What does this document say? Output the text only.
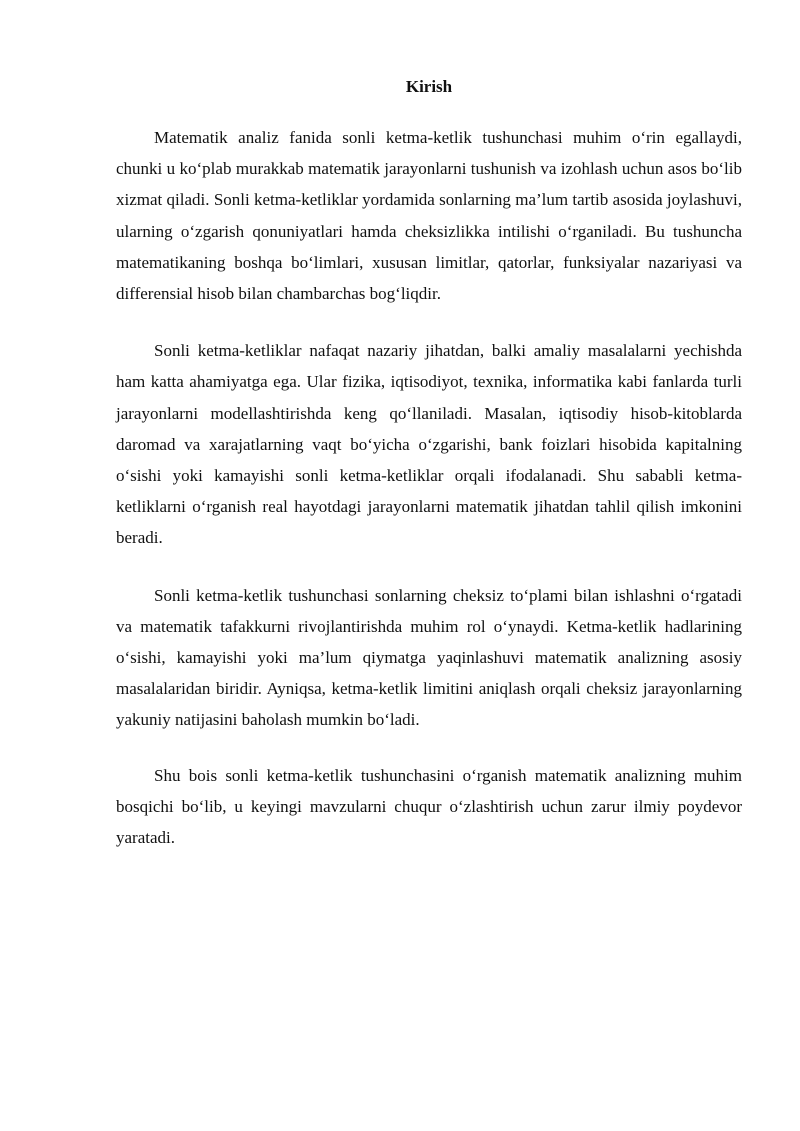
Kirish

Matematik analiz fanida sonli ketma-ketlik tushunchasi muhim o‘rin egallaydi, chunki u ko‘plab murakkab matematik jarayonlarni tushunish va izohlash uchun asos bo‘lib xizmat qiladi. Sonli ketma-ketliklar yordamida sonlarning ma’lum tartib asosida joylashuvi, ularning o‘zgarish qonuniyatlari hamda cheksizlikka intilishi o‘rganiladi. Bu tushuncha matematikaning boshqa bo‘limlari, xususan limitlar, qatorlar, funksiyalar nazariyasi va differensial hisob bilan chambarchas bog‘liqdir.

Sonli ketma-ketliklar nafaqat nazariy jihatdan, balki amaliy masalalarni yechishda ham katta ahamiyatga ega. Ular fizika, iqtisodiyot, texnika, informatika kabi fanlarda turli jarayonlarni modellashtirishda keng qo‘llaniladi. Masalan, iqtisodiy hisob-kitoblarda daromad va xarajatlarning vaqt bo‘yicha o‘zgarishi, bank foizlari hisobida kapitalning o‘sishi yoki kamayishi sonli ketma-ketliklar orqali ifodalanadi. Shu sababli ketma-ketliklarni o‘rganish real hayotdagi jarayonlarni matematik jihatdan tahlil qilish imkonini beradi.

Sonli ketma-ketlik tushunchasi sonlarning cheksiz to‘plami bilan ishlashni o‘rgatadi va matematik tafakkurni rivojlantirishda muhim rol o‘ynaydi. Ketma-ketlik hadlarining o‘sishi, kamayishi yoki ma’lum qiymatga yaqinlashuvi matematik analizning asosiy masalalaridan biridir. Ayniqsa, ketma-ketlik limitini aniqlash orqali cheksiz jarayonlarning yakuniy natijasini baholash mumkin bo‘ladi.

Shu bois sonli ketma-ketlik tushunchasini o‘rganish matematik analizning muhim bosqichi bo‘lib, u keyingi mavzularni chuqur o‘zlashtirish uchun zarur ilmiy poydevor yaratadi.
